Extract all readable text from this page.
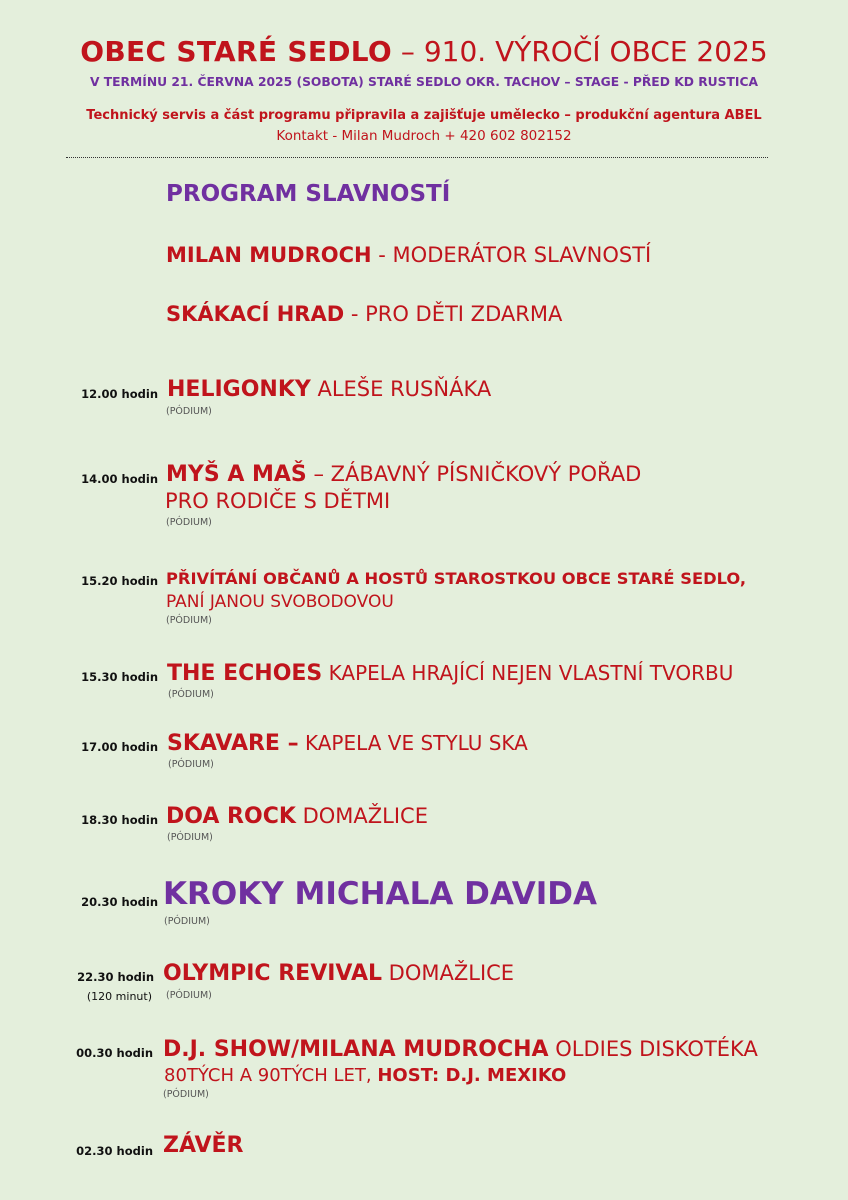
OBEC STARÉ SEDLO – 910. VÝROČÍ OBCE 2025
V TERMÍNU 21. ČERVNA 2025 (SOBOTA) STARÉ SEDLO OKR. TACHOV – STAGE - PŘED KD RUSTICA
Technický servis a část programu připravila a zajišťuje umělecko – produkční agentura ABEL
Kontakt - Milan Mudroch + 420 602 802152
PROGRAM SLAVNOSTÍ
MILAN MUDROCH - MODERÁTOR SLAVNOSTÍ
SKÁKACÍ HRAD - PRO DĚTI ZDARMA
12.00 hodin HELIGONKY ALEŠE RUSŇÁKA
(PÓDIUM)
14.00 hodin MYŠ A MAŠ – ZÁBAVNÝ PÍSNIČKOVÝ POŘAD
PRO RODIČE S DĚTMI
(PÓDIUM)
15.20 hodin PŘIVÍTÁNÍ OBČANŮ A HOSTŮ STAROSTKOU OBCE STARÉ SEDLO,
PANÍ JANOU SVOBODOVOU
(PÓDIUM)
15.30 hodin THE ECHOES KAPELA HRAJÍCÍ NEJEN VLASTNÍ TVORBU
(PÓDIUM)
17.00 hodin SKAVARE – KAPELA VE STYLU SKA
(PÓDIUM)
18.30 hodin DOA ROCK DOMAŽLICE
(PÓDIUM)
20.30 hodin KROKY MICHALA DAVIDA
(PÓDIUM)
22.30 hodin
(120 minut)
OLYMPIC REVIVAL DOMAŽLICE
(PÓDIUM)
00.30 hodin D.J. SHOW/MILANA MUDROCHA OLDIES DISKOTÉKA
80TÝCH A 90TÝCH LET, HOST: D.J. MEXIKO
(PÓDIUM)
02.30 hodin ZÁVĚR
